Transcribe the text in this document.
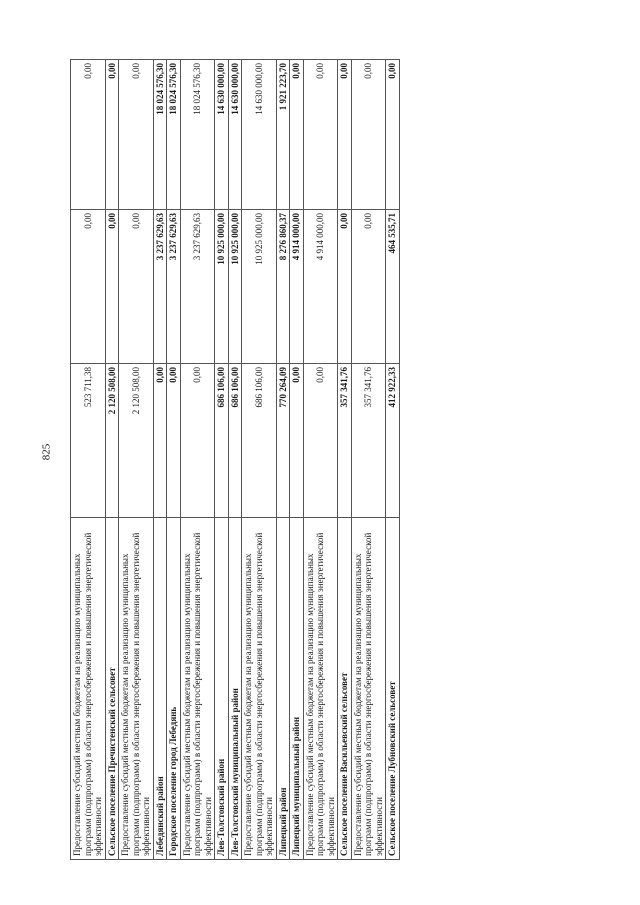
825
Предоставление субсидий местным бюджетам на реализацию муниципальных программ (подпрограмм) в области энергосбережения и повышения энергетической эффективности	523 711,38	0,00	0,00
Сельское поселение Пречистенский сельсовет	2 120 508,00	0,00	0,00
Предоставление субсидий местным бюджетам на реализацию муниципальных программ (подпрограмм) в области энергосбережения и повышения энергетической эффективности	2 120 508,00	0,00	0,00
Лебедянский район	0,00	3 237 629,63	18 024 576,30
Городское поселение город Лебедянь	0,00	3 237 629,63	18 024 576,30
Предоставление субсидий местным бюджетам на реализацию муниципальных программ (подпрограмм) в области энергосбережения и повышения энергетической эффективности	0,00	3 237 629,63	18 024 576,30
Лев-Толстовский район	686 106,00	10 925 000,00	14 630 000,00
Лев-Толстовский муниципальный район	686 106,00	10 925 000,00	14 630 000,00
Предоставление субсидий местным бюджетам на реализацию муниципальных программ (подпрограмм) в области энергосбережения и повышения энергетической эффективности	686 106,00	10 925 000,00	14 630 000,00
Липецкий район	770 264,09	8 276 860,37	1 921 223,70
Липецкий муниципальный район	0,00	4 914 000,00	0,00
Предоставление субсидий местным бюджетам на реализацию муниципальных программ (подпрограмм) в области энергосбережения и повышения энергетической эффективности	0,00	4 914 000,00	0,00
Сельское поселение Васильевский сельсовет	357 341,76	0,00	0,00
Предоставление субсидий местным бюджетам на реализацию муниципальных программ (подпрограмм) в области энергосбережения и повышения энергетической эффективности	357 341,76	0,00	0,00
Сельское поселение Лубновский сельсовет	412 922,33	464 535,71	0,00
